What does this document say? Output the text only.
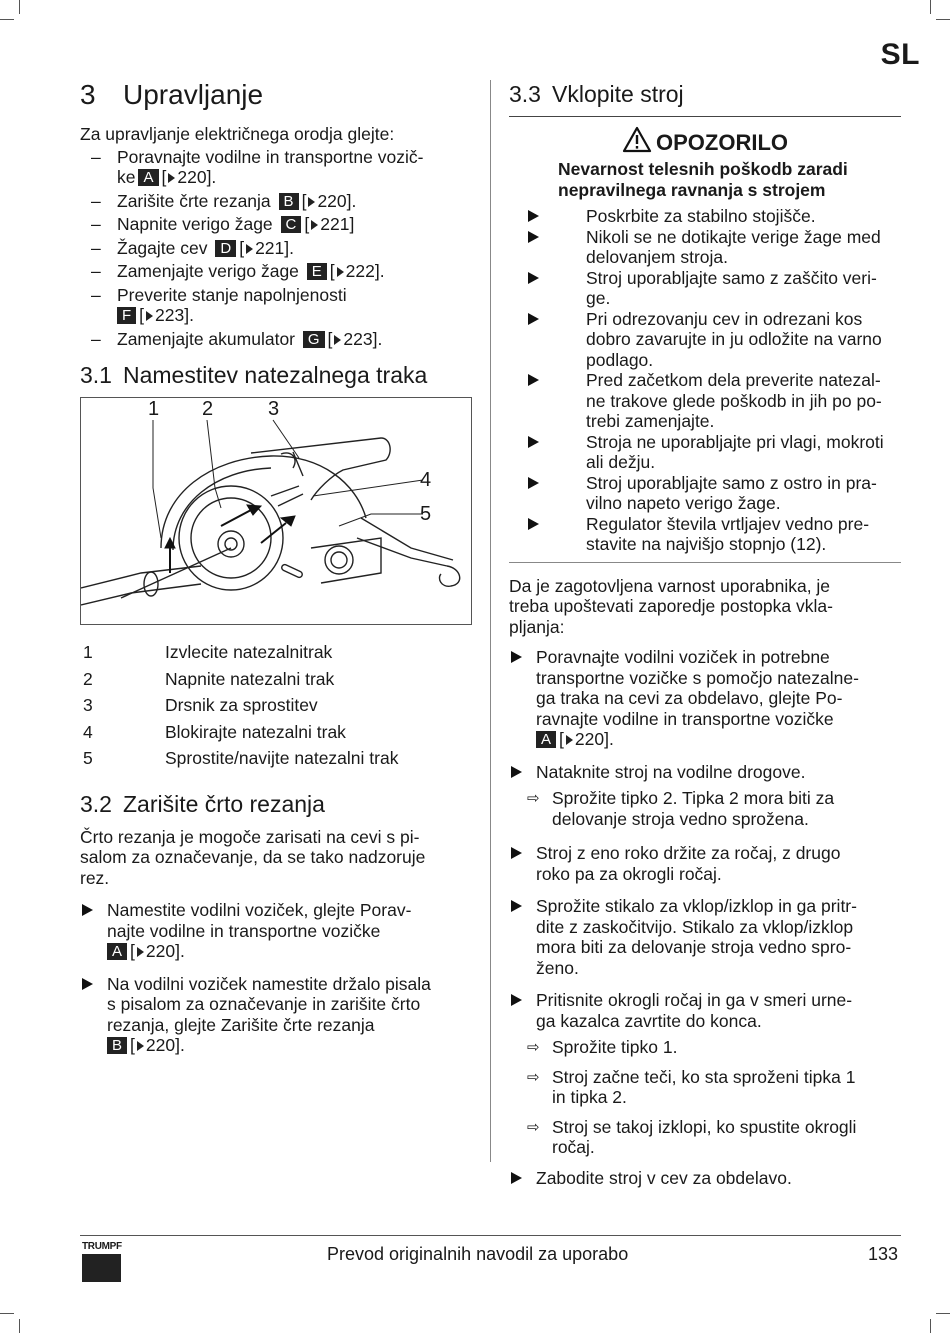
SL
3 Upravljanje

Za upravljanje električnega orodja glejte:

– Poravnajte vodilne in transportne vozič-
ke A [ 220].
– Zarišite črte rezanja B [ 220].
– Napnite verigo žage C [ 221]
– Žagajte cev D [ 221].
– Zamenjajte verigo žage E [ 222].
– Preverite stanje napolnjenosti
F [ 223].
– Zamenjajte akumulator G [ 223].
3.1 Namestitev natezalnega traka
1 2	3
4
5
1	Izvlecite natezalnitrak
2	Napnite natezalni trak
3	Drsnik za sprostitev
4	Blokirajte natezalni trak
5	Sprostite/navijte natezalni trak
3.2 Zarišite črto rezanja

Črto rezanja je mogoče zarisati na cevi s pi-
salom za označevanje, da se tako nadzoruje
rez.

Namestite vodilni voziček, glejte Porav-
najte vodilne in transportne vozičke
A [ 220].
Na vodilni voziček namestite držalo pisala
s pisalom za označevanje in zarišite črto
rezanja, glejte Zarišite črte rezanja
B [ 220].
3.3 Vklopite stroj
OPOZORILO
Nevarnost telesnih poškodb zaradi
nepravilnega ravnanja s strojem
Poskrbite za stabilno stojišče.
Nikoli se ne dotikajte verige žage med
delovanjem stroja.
Stroj uporabljajte samo z zaščito veri-
ge.
Pri odrezovanju cev in odrezani kos
dobro zavarujte in ju odložite na varno
podlago.
Pred začetkom dela preverite natezal-
ne trakove glede poškodb in jih po po-
trebi zamenjajte.
Stroja ne uporabljajte pri vlagi, mokroti
ali dežju.
Stroj uporabljajte samo z ostro in pra-
vilno napeto verigo žage.
Regulator števila vrtljajev vedno pre-
stavite na najvišjo stopnjo (12).

Da je zagotovljena varnost uporabnika, je
treba upoštevati zaporedje postopka vkla-
pljanja:

Poravnajte vodilni voziček in potrebne
transportne vozičke s pomočjo natezalne-
ga traka na cevi za obdelavo, glejte Po-
ravnajte vodilne in transportne vozičke
A [ 220].
Nataknite stroj na vodilne drogove.
⇨ Sprožite tipko 2. Tipka 2 mora biti za
delovanje stroja vedno sprožena.
Stroj z eno roko držite za ročaj, z drugo
roko pa za okrogli ročaj.
Sprožite stikalo za vklop/izklop in ga pritr-
dite z zaskočitvijo. Stikalo za vklop/izklop
mora biti za delovanje stroja vedno spro-
ženo.
Pritisnite okrogli ročaj in ga v smeri urne-
ga kazalca zavrtite do konca.
⇨ Sprožite tipko 1.
⇨ Stroj začne teči, ko sta sproženi tipka 1
in tipka 2.
⇨ Stroj se takoj izklopi, ko spustite okrogli
ročaj.
Zabodite stroj v cev za obdelavo.
TRUMPF	Prevod originalnih navodil za uporabo	133
